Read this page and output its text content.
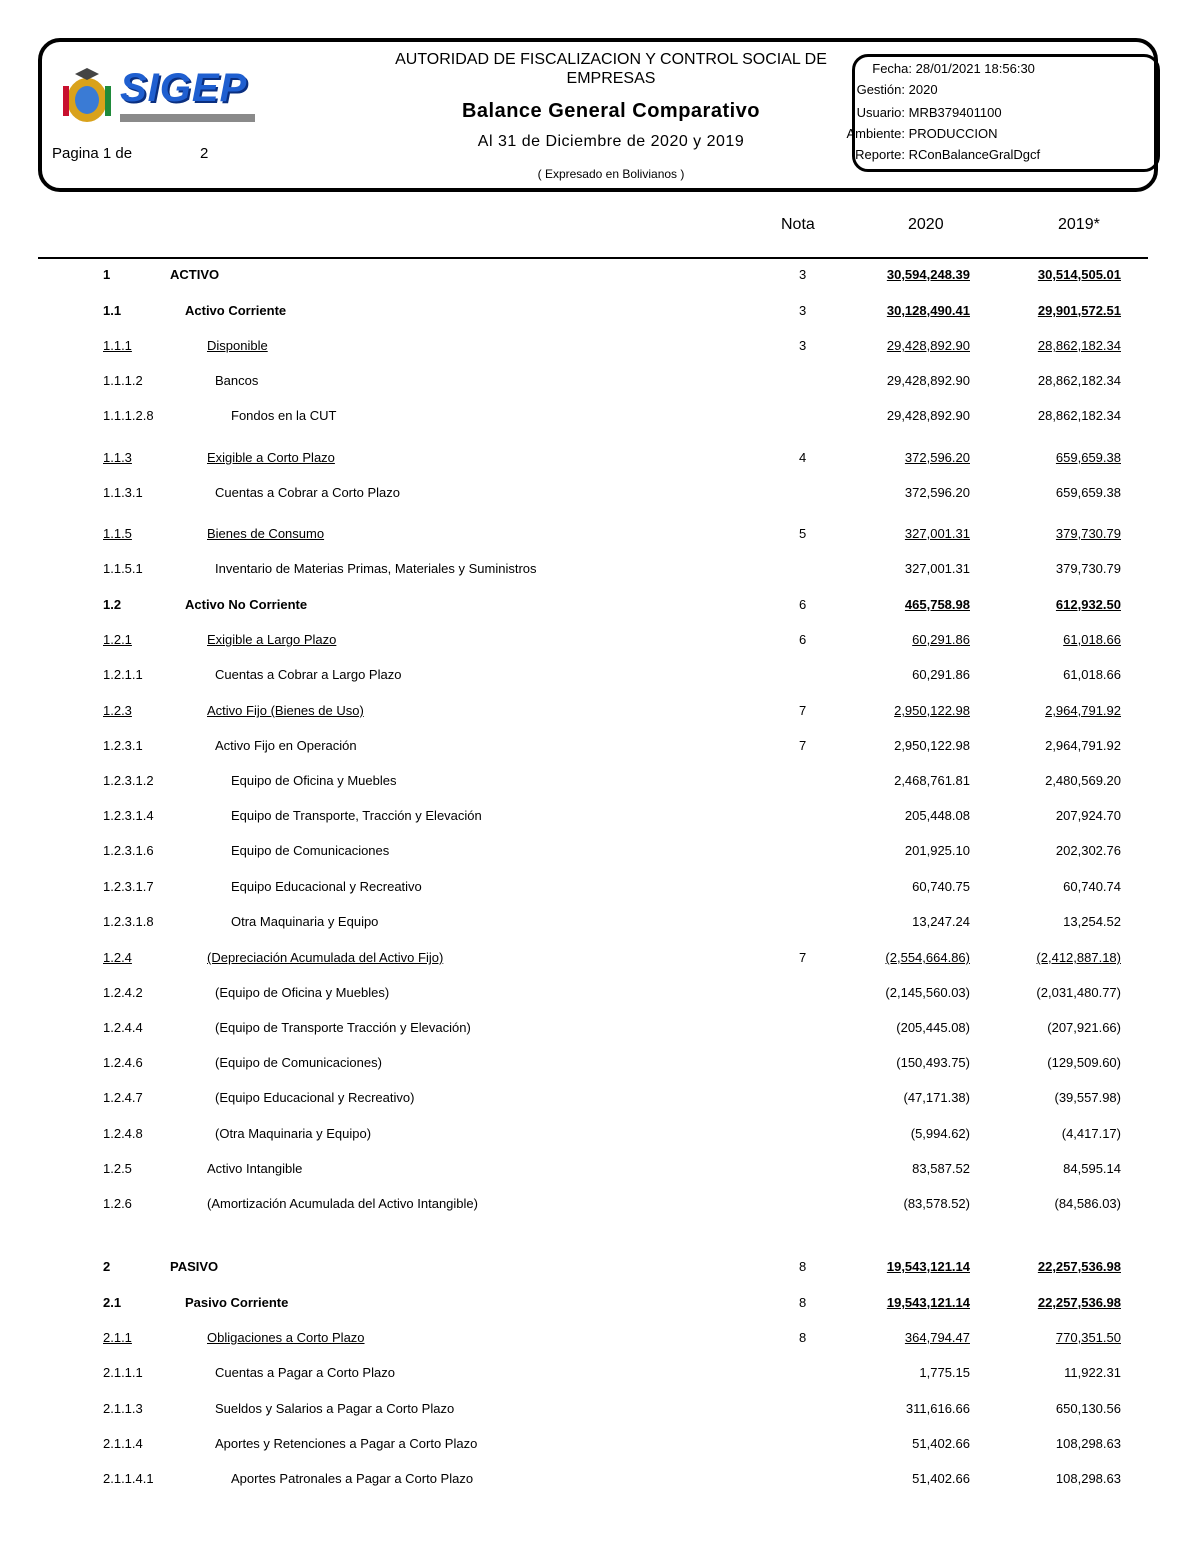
SIGEP
Pagina 1 de	2
AUTORIDAD DE FISCALIZACION Y CONTROL SOCIAL DE EMPRESAS
Balance General Comparativo
Al 31 de Diciembre de 2020 y 2019
( Expresado en Bolivianos )
Fecha: 28/01/2021 18:56:30
Gestión: 2020
Usuario: MRB379401100
Ambiente: PRODUCCION
Reporte: RConBalanceGralDgcf
Nota	2020	2019*
1	ACTIVO	3	30,594,248.39	30,514,505.01
1.1	Activo Corriente	3	30,128,490.41	29,901,572.51
1.1.1	Disponible	3	29,428,892.90	28,862,182.34
1.1.1.2	Bancos	29,428,892.90	28,862,182.34
1.1.1.2.8	Fondos en la CUT	29,428,892.90	28,862,182.34
1.1.3	Exigible a Corto Plazo	4	372,596.20	659,659.38
1.1.3.1	Cuentas a Cobrar a Corto Plazo	372,596.20	659,659.38
1.1.5	Bienes de Consumo	5	327,001.31	379,730.79
1.1.5.1	Inventario de Materias Primas, Materiales y Suministros	327,001.31	379,730.79
1.2	Activo No Corriente	6	465,758.98	612,932.50
1.2.1	Exigible a Largo Plazo	6	60,291.86	61,018.66
1.2.1.1	Cuentas a Cobrar a Largo Plazo	60,291.86	61,018.66
1.2.3	Activo Fijo (Bienes de Uso)	7	2,950,122.98	2,964,791.92
1.2.3.1	Activo Fijo en Operación	7	2,950,122.98	2,964,791.92
1.2.3.1.2	Equipo de Oficina y Muebles	2,468,761.81	2,480,569.20
1.2.3.1.4	Equipo de Transporte, Tracción y Elevación	205,448.08	207,924.70
1.2.3.1.6	Equipo de Comunicaciones	201,925.10	202,302.76
1.2.3.1.7	Equipo Educacional y Recreativo	60,740.75	60,740.74
1.2.3.1.8	Otra Maquinaria y Equipo	13,247.24	13,254.52
1.2.4	(Depreciación Acumulada del Activo Fijo)	7	(2,554,664.86)	(2,412,887.18)
1.2.4.2	(Equipo de Oficina y Muebles)	(2,145,560.03)	(2,031,480.77)
1.2.4.4	(Equipo de Transporte Tracción y Elevación)	(205,445.08)	(207,921.66)
1.2.4.6	(Equipo de Comunicaciones)	(150,493.75)	(129,509.60)
1.2.4.7	(Equipo Educacional y Recreativo)	(47,171.38)	(39,557.98)
1.2.4.8	(Otra Maquinaria y Equipo)	(5,994.62)	(4,417.17)
1.2.5	Activo Intangible	83,587.52	84,595.14
1.2.6	(Amortización Acumulada del Activo Intangible)	(83,578.52)	(84,586.03)
2	PASIVO	8	19,543,121.14	22,257,536.98
2.1	Pasivo Corriente	8	19,543,121.14	22,257,536.98
2.1.1	Obligaciones a Corto Plazo	8	364,794.47	770,351.50
2.1.1.1	Cuentas a Pagar a Corto Plazo	1,775.15	11,922.31
2.1.1.3	Sueldos y Salarios a Pagar a Corto Plazo	311,616.66	650,130.56
2.1.1.4	Aportes y Retenciones a Pagar a Corto Plazo	51,402.66	108,298.63
2.1.1.4.1	Aportes Patronales a Pagar a Corto Plazo	51,402.66	108,298.63
